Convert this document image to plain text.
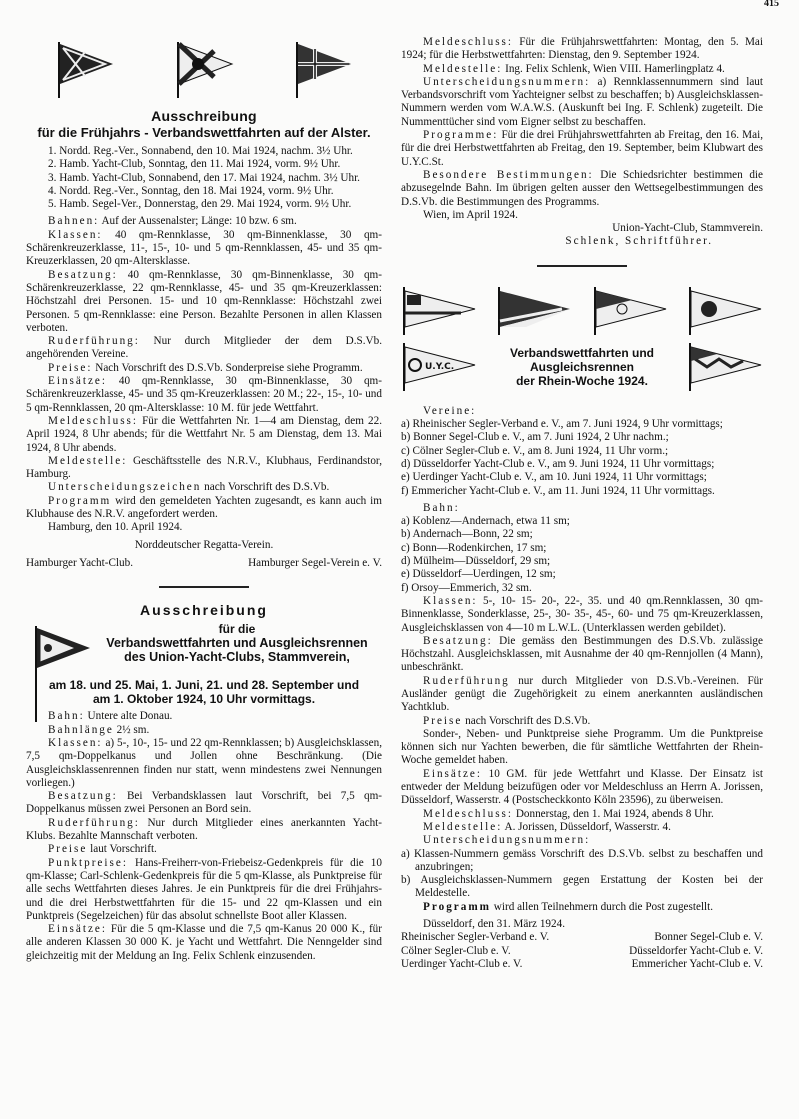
415
Ausschreibung
für die Frühjahrs - Verbandswettfahrten auf der Alster.

1. Nordd. Reg.-Ver., Sonnabend, den 10. Mai 1924, nachm. 3½ Uhr.

2. Hamb. Yacht-Club, Sonntag, den 11. Mai 1924, vorm. 9½ Uhr.

3. Hamb. Yacht-Club, Sonnabend, den 17. Mai 1924, nachm. 3½ Uhr.

4. Nordd. Reg.-Ver., Sonntag, den 18. Mai 1924, vorm. 9½ Uhr.

5. Hamb. Segel-Ver., Donnerstag, den 29. Mai 1924, vorm. 9½ Uhr.

Bahnen: Auf der Aussenalster; Länge: 10 bzw. 6 sm.

Klassen: 40 qm-Rennklasse, 30 qm-Binnenklasse, 30 qm-Schärenkreuzerklasse, 11-, 15-, 10- und 5 qm-Rennklassen, 45- und 35 qm-Kreuzerklassen, 20 qm-Altersklasse.

Besatzung: 40 qm-Rennklasse, 30 qm-Binnenklasse, 30 qm-Schärenkreuzerklasse, 22 qm-Rennklasse, 45- und 35 qm-Kreuzerklassen: Höchstzahl drei Personen. 15- und 10 qm-Rennklasse: Höchstzahl zwei Personen. 5 qm-Rennklasse: eine Person. Bezahlte Personen in allen Klassen verboten.

Ruderführung: Nur durch Mitglieder der dem D.S.Vb. angehörenden Vereine.

Preise: Nach Vorschrift des D.S.Vb. Sonderpreise siehe Programm.

Einsätze: 40 qm-Rennklasse, 30 qm-Binnenklasse, 30 qm-Schärenkreuzerklasse, 45- und 35 qm-Kreuzerklassen: 20 M.; 22-, 15-, 10- und 5 qm-Rennklassen, 20 qm-Altersklasse: 10 M. für jede Wettfahrt.

Meldeschluss: Für die Wettfahrten Nr. 1—4 am Dienstag, dem 22. April 1924, 8 Uhr abends; für die Wettfahrt Nr. 5 am Dienstag, dem 13. Mai 1924, 8 Uhr abends.

Meldestelle: Geschäftsstelle des N.R.V., Klubhaus, Ferdinandstor, Hamburg.

Unterscheidungszeichen nach Vorschrift des D.S.Vb.

Programm wird den gemeldeten Yachten zugesandt, es kann auch im Klubhause des N.R.V. angefordert werden.

Hamburg, den 10. April 1924.

Norddeutscher Regatta-Verein.

Hamburger Yacht-Club.	Hamburger Segel-Verein e. V.
Ausschreibung
für die
Verbandswettfahrten und Ausgleichsrennen
des Union-Yacht-Clubs, Stammverein,
am 18. und 25. Mai, 1. Juni, 21. und 28. September und
am 1. Oktober 1924, 10 Uhr vormittags.

Bahn: Untere alte Donau.

Bahnlänge 2½ sm.

Klassen: a) 5-, 10-, 15- und 22 qm-Rennklassen; b) Ausgleichsklassen, 7,5 qm-Doppelkanus und Jollen ohne Beschränkung. (Die Ausgleichsklassenrennen finden nur statt, wenn mindestens zwei Nennungen vorliegen.)

Besatzung: Bei Verbandsklassen laut Vorschrift, bei 7,5 qm-Doppelkanus müssen zwei Personen an Bord sein.

Ruderführung: Nur durch Mitglieder eines anerkannten Yacht-Klubs. Bezahlte Mannschaft verboten.

Preise laut Vorschrift.

Punktpreise: Hans-Freiherr-von-Friebeisz-Gedenkpreis für die 10 qm-Klasse; Carl-Schlenk-Gedenkpreis für die 5 qm-Klasse, als Punktpreise für alle sechs Wettfahrten dieses Jahres. Je ein Punktpreis für die drei Frühjahrs- und die drei Herbstwettfahrten für die 15- und 22 qm-Klassen und ein Punktpreis (Segelzeichen) für das absolut schnellste Boot aller Klassen.

Einsätze: Für die 5 qm-Klasse und die 7,5 qm-Kanus 20 000 K., für alle anderen Klassen 30 000 K. je Yacht und Wettfahrt. Die Nenngelder sind gleichzeitig mit der Meldung an Ing. Felix Schlenk einzusenden.

Meldeschluss: Für die Frühjahrswettfahrten: Montag, den 5. Mai 1924; für die Herbstwettfahrten: Dienstag, den 9. September 1924.

Meldestelle: Ing. Felix Schlenk, Wien VIII. Hamerlingplatz 4.

Unterscheidungsnummern: a) Rennklassennummern sind laut Verbandsvorschrift vom Yachteigner selbst zu beschaffen; b) Ausgleichsklassen-Nummern werden vom W.A.W.S. (Auskunft bei Ing. F. Schlenk) zugeteilt. Die Nummenttücher sind vom Eigner selbst zu beschaffen.

Programme: Für die drei Frühjahrswettfahrten ab Freitag, den 16. Mai, für die drei Herbstwettfahrten ab Freitag, den 19. September, beim Klubwart des U.Y.C.St.

Besondere Bestimmungen: Die Schiedsrichter bestimmen die abzusegelnde Bahn. Im übrigen gelten ausser den Wettsegelbestimmungen des D.S.Vb. die Bestimmungen des Programms.

Wien, im April 1924.

Union-Yacht-Club, Stammverein.

Schlenk, Schriftführer.

U.Y.C.
Verbandswettfahrten und
Ausgleichsrennen
der Rhein-Woche 1924.

Vereine:

a) Rheinischer Segler-Verband e. V., am 7. Juni 1924, 9 Uhr vormittags;

b) Bonner Segel-Club e. V., am 7. Juni 1924, 2 Uhr nachm.;

c) Cölner Segler-Club e. V., am 8. Juni 1924, 11 Uhr vorm.;

d) Düsseldorfer Yacht-Club e. V., am 9. Juni 1924, 11 Uhr vormittags;

e) Uerdinger Yacht-Club e. V., am 10. Juni 1924, 11 Uhr vormittags;

f) Emmericher Yacht-Club e. V., am 11. Juni 1924, 11 Uhr vormittags.

Bahn:

a) Koblenz—Andernach, etwa 11 sm;

b) Andernach—Bonn, 22 sm;

c) Bonn—Rodenkirchen, 17 sm;

d) Mülheim—Düsseldorf, 29 sm;

e) Düsseldorf—Uerdingen, 12 sm;

f) Orsoy—Emmerich, 32 sm.

Klassen: 5-, 10- 15- 20-, 22-, 35. und 40 qm.Rennklassen, 30 qm-Binnenklasse, Sonderklasse, 25-, 30- 35-, 45-, 60- und 75 qm-Kreuzerklassen, Ausgleichsklassen von 4—10 m L.W.L. (Unterklassen werden gebildet).

Besatzung: Die gemäss den Bestimmungen des D.S.Vb. zulässige Höchstzahl. Ausgleichsklassen, mit Ausnahme der 40 qm-Rennjollen (4 Mann), unbeschränkt.

Ruderführung nur durch Mitglieder von D.S.Vb.-Vereinen. Für Ausländer genügt die Zugehörigkeit zu einem anerkannten ausländischen Yachtklub.

Preise nach Vorschrift des D.S.Vb.

Sonder-, Neben- und Punktpreise siehe Programm. Um die Punktpreise können sich nur Yachten bewerben, die für sämtliche Wettfahrten der Rhein-Woche gemeldet haben.

Einsätze: 10 GM. für jede Wettfahrt und Klasse. Der Einsatz ist entweder der Meldung beizufügen oder vor Meldeschluss an Herrn A. Jorissen, Düsseldorf, Wasserstr. 4 (Postscheckkonto Köln 23596), zu überweisen.

Meldeschluss: Donnerstag, den 1. Mai 1924, abends 8 Uhr.

Meldestelle: A. Jorissen, Düsseldorf, Wasserstr. 4.

Unterscheidungsnummern:

a) Klassen-Nummern gemäss Vorschrift des D.S.Vb. selbst zu beschaffen und anzubringen;

b) Ausgleichsklassen-Nummern gegen Erstattung der Kosten bei der Meldestelle.

Programm wird allen Teilnehmern durch die Post zugestellt.

Düsseldorf, den 31. März 1924.

Rheinischer Segler-Verband e. V.	Bonner Segel-Club e. V.
Cölner Segler-Club e. V.	Düsseldorfer Yacht-Club e. V.
Uerdinger Yacht-Club e. V.	Emmericher Yacht-Club e. V.
